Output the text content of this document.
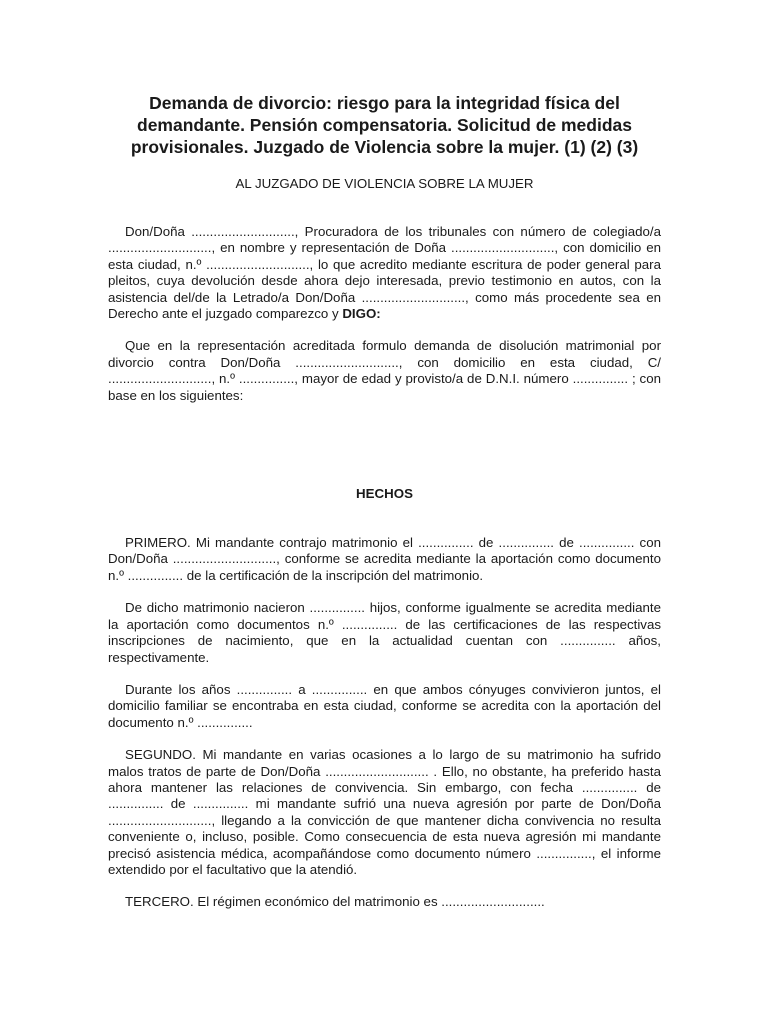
Demanda de divorcio: riesgo para la integridad física del demandante. Pensión compensatoria. Solicitud de medidas provisionales. Juzgado de Violencia sobre la mujer. (1) (2) (3)

AL JUZGADO DE VIOLENCIA SOBRE LA MUJER

Don/Doña ............................, Procuradora de los tribunales con número de colegiado/a ............................, en nombre y representación de Doña ............................, con domicilio en esta ciudad, n.º ............................, lo que acredito mediante escritura de poder general para pleitos, cuya devolución desde ahora dejo interesada, previo testimonio en autos, con la asistencia del/de la Letrado/a Don/Doña ............................, como más procedente sea en Derecho ante el juzgado comparezco y DIGO:

Que en la representación acreditada formulo demanda de disolución matrimonial por divorcio contra Don/Doña ............................, con domicilio en esta ciudad, C/ ............................, n.º ..............., mayor de edad y provisto/a de D.N.I. número ............... ; con base en los siguientes:

HECHOS

PRIMERO. Mi mandante contrajo matrimonio el ............... de ............... de ............... con Don/Doña ............................, conforme se acredita mediante la aportación como documento n.º ............... de la certificación de la inscripción del matrimonio.

De dicho matrimonio nacieron ............... hijos, conforme igualmente se acredita mediante la aportación como documentos n.º ............... de las certificaciones de las respectivas inscripciones de nacimiento, que en la actualidad cuentan con ............... años, respectivamente.

Durante los años ............... a ............... en que ambos cónyuges convivieron juntos, el domicilio familiar se encontraba en esta ciudad, conforme se acredita con la aportación del documento n.º ...............

SEGUNDO. Mi mandante en varias ocasiones a lo largo de su matrimonio ha sufrido malos tratos de parte de Don/Doña ............................ . Ello, no obstante, ha preferido hasta ahora mantener las relaciones de convivencia. Sin embargo, con fecha ............... de ............... de ............... mi mandante sufrió una nueva agresión por parte de Don/Doña ............................, llegando a la convicción de que mantener dicha convivencia no resulta conveniente o, incluso, posible. Como consecuencia de esta nueva agresión mi mandante precisó asistencia médica, acompañándose como documento número ..............., el informe extendido por el facultativo que la atendió.

TERCERO. El régimen económico del matrimonio es ............................
